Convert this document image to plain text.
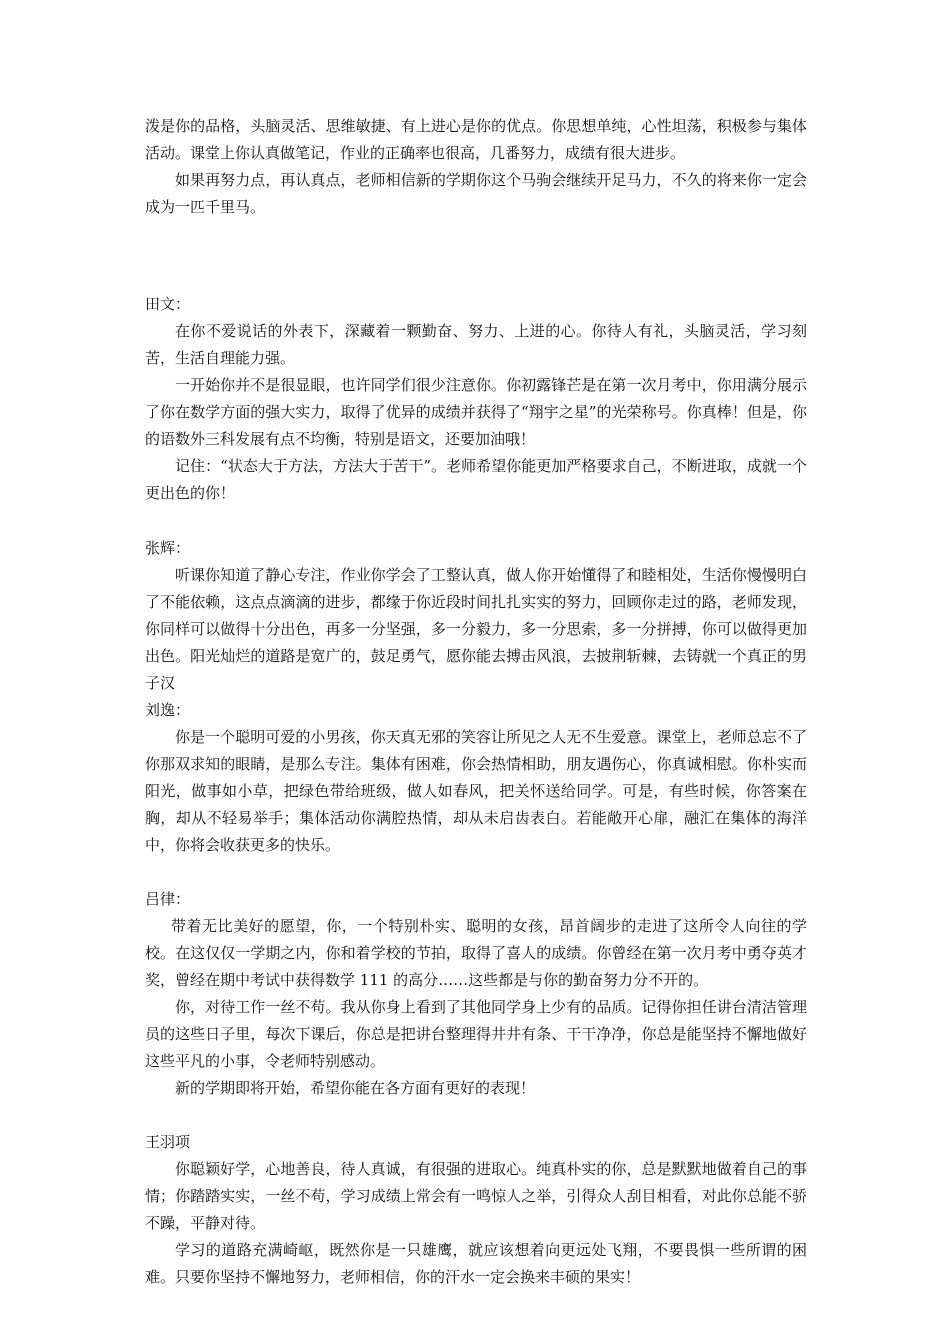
泼是你的品格，头脑灵活、思维敏捷、有上进心是你的优点。你思想单纯，心性坦荡，积极参与集体活动。课堂上你认真做笔记，作业的正确率也很高，几番努力，成绩有很大进步。

如果再努力点，再认真点，老师相信新的学期你这个马驹会继续开足马力，不久的将来你一定会成为一匹千里马。

田文：

在你不爱说话的外表下，深藏着一颗勤奋、努力、上进的心。你待人有礼，头脑灵活，学习刻苦，生活自理能力强。

一开始你并不是很显眼，也许同学们很少注意你。你初露锋芒是在第一次月考中，你用满分展示了你在数学方面的强大实力，取得了优异的成绩并获得了“翔宇之星”的光荣称号。你真棒！但是，你的语数外三科发展有点不均衡，特别是语文，还要加油哦！

记住：“状态大于方法，方法大于苦干”。老师希望你能更加严格要求自己，不断进取，成就一个更出色的你！

张辉：

听课你知道了静心专注，作业你学会了工整认真，做人你开始懂得了和睦相处，生活你慢慢明白了不能依赖，这点点滴滴的进步，都缘于你近段时间扎扎实实的努力，回顾你走过的路，老师发现，你同样可以做得十分出色，再多一分坚强，多一分毅力，多一分思索，多一分拼搏，你可以做得更加出色。阳光灿烂的道路是宽广的，鼓足勇气，愿你能去搏击风浪，去披荆斩棘，去铸就一个真正的男子汉

刘逸：

你是一个聪明可爱的小男孩，你天真无邪的笑容让所见之人无不生爱意。课堂上，老师总忘不了你那双求知的眼睛，是那么专注。集体有困难，你会热情相助，朋友遇伤心，你真诚相慰。你朴实而阳光，做事如小草，把绿色带给班级，做人如春风，把关怀送给同学。可是，有些时候，你答案在胸，却从不轻易举手；集体活动你满腔热情，却从未启齿表白。若能敞开心扉，融汇在集体的海洋中，你将会收获更多的快乐。

吕律：

带着无比美好的愿望，你，一个特别朴实、聪明的女孩，昂首阔步的走进了这所令人向往的学校。在这仅仅一学期之内，你和着学校的节拍，取得了喜人的成绩。你曾经在第一次月考中勇夺英才奖，曾经在期中考试中获得数学 111 的高分……这些都是与你的勤奋努力分不开的。

你，对待工作一丝不苟。我从你身上看到了其他同学身上少有的品质。记得你担任讲台清洁管理员的这些日子里，每次下课后，你总是把讲台整理得井井有条、干干净净，你总是能坚持不懈地做好这些平凡的小事，令老师特别感动。

新的学期即将开始，希望你能在各方面有更好的表现！

王羽项

你聪颖好学，心地善良，待人真诚，有很强的进取心。纯真朴实的你，总是默默地做着自己的事情；你踏踏实实，一丝不苟，学习成绩上常会有一鸣惊人之举，引得众人刮目相看，对此你总能不骄不躁，平静对待。

学习的道路充满崎岖，既然你是一只雄鹰，就应该想着向更远处飞翔，不要畏惧一些所谓的困难。只要你坚持不懈地努力，老师相信，你的汗水一定会换来丰硕的果实！
